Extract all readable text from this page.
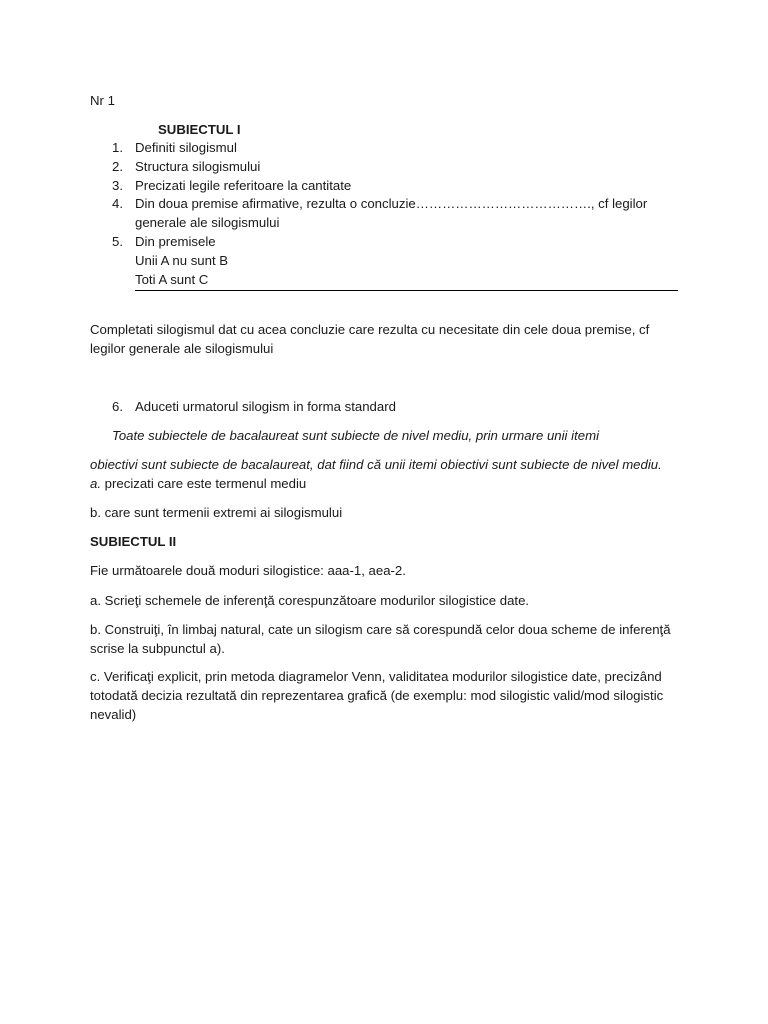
Nr 1

SUBIECTUL I

1. Definiti silogismul
2. Structura silogismului
3. Precizati legile referitoare la cantitate
4. Din doua premise afirmative, rezulta o concluzie…………………………………., cf legilor generale ale silogismului
5. Din premisele
Unii A nu sunt B
Toti A sunt C

Completati silogismul dat cu acea concluzie care rezulta cu necesitate din cele doua premise, cf legilor generale ale silogismului

6. Aduceti urmatorul silogism in forma standard

Toate subiectele de bacalaureat sunt subiecte de nivel mediu, prin urmare unii itemi

obiectivi sunt subiecte de bacalaureat, dat fiind că unii itemi obiectivi sunt subiecte de nivel mediu.

a. precizati care este termenul mediu

b. care sunt termenii extremi ai silogismului

SUBIECTUL II

Fie următoarele două moduri silogistice: aaa-1, aea-2.

a. Scrieţi schemele de inferenţă corespunzătoare modurilor silogistice date.

b. Construiţi, în limbaj natural, cate un silogism care să corespundă celor doua scheme de inferenţă scrise la subpunctul a).

c. Verificaţi explicit, prin metoda diagramelor Venn, validitatea modurilor silogistice date, precizând totodată decizia rezultată din reprezentarea grafică (de exemplu: mod silogistic valid/mod silogistic nevalid)
